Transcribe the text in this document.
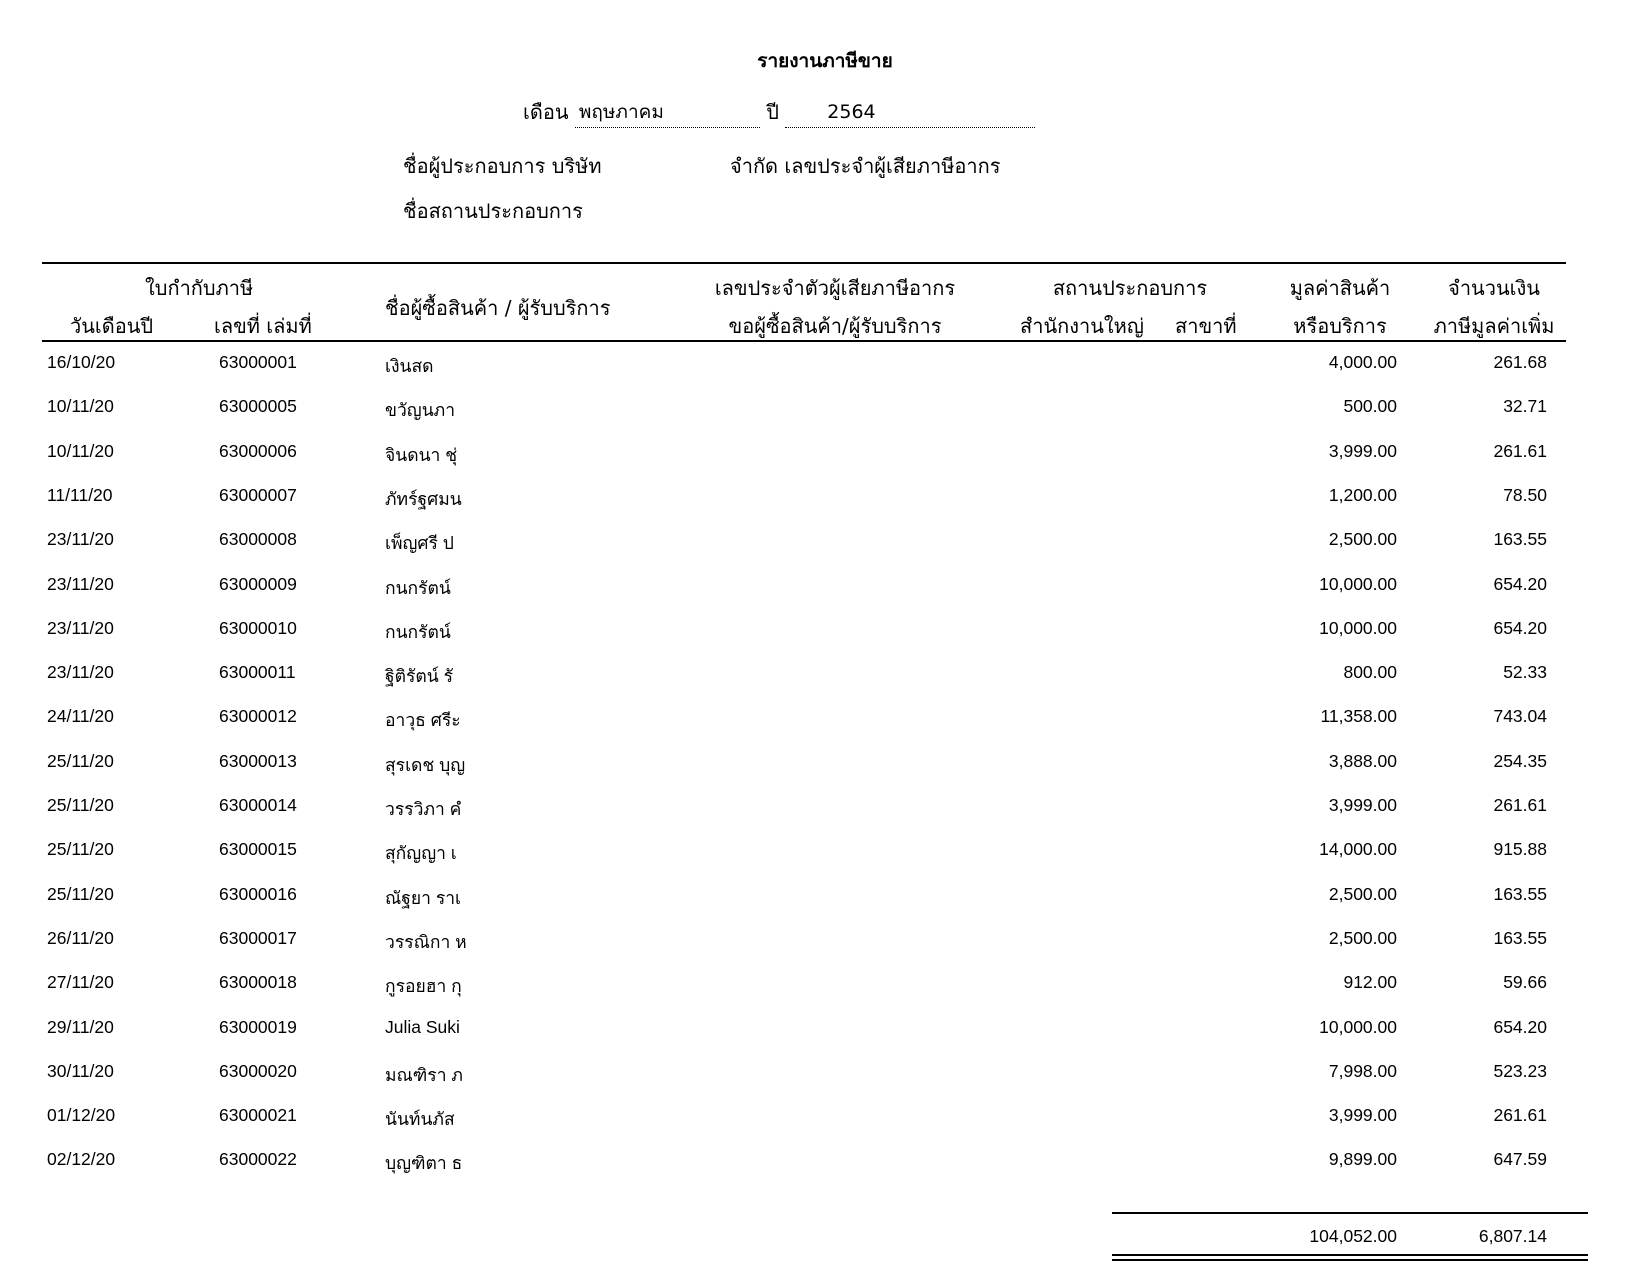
รายงานภาษีขาย
เดือน พฤษภาคม	ปี	2564
ชื่อผู้ประกอบการ บริษัท	จำกัด เลขประจำผู้เสียภาษีอากร
ชื่อสถานประกอบการ
ใบกำกับภาษี
วันเดือนปี	เลขที่ เล่มที่
ชื่อผู้ซื้อสินค้า / ผู้รับบริการ
เลขประจำตัวผู้เสียภาษีอากร
ขอผู้ซื้อสินค้า/ผู้รับบริการ
สถานประกอบการ
สำนักงานใหญ่ สาขาที่
มูลค่าสินค้า
หรือบริการ
จำนวนเงิน
ภาษีมูลค่าเพิ่ม
16/10/20	63000001	เงินสด	4,000.00	261.68
10/11/20	63000005	ขวัญนภา	500.00	32.71
10/11/20	63000006	จินดนา ชุ่	3,999.00	261.61
11/11/20	63000007	ภัทร์ฐศมน	1,200.00	78.50
23/11/20	63000008	เพ็ญศรี ป	2,500.00	163.55
23/11/20	63000009	กนกรัตน์	10,000.00	654.20
23/11/20	63000010	กนกรัตน์	10,000.00	654.20
23/11/20	63000011	ฐิติรัตน์ รั	800.00	52.33
24/11/20	63000012	อาวุธ ศรีะ	11,358.00	743.04
25/11/20	63000013	สุรเดช บุญ	3,888.00	254.35
25/11/20	63000014	วรรวิภา คํ	3,999.00	261.61
25/11/20	63000015	สุกัญญา เ	14,000.00	915.88
25/11/20	63000016	ณัฐยา ราเ	2,500.00	163.55
26/11/20	63000017	วรรณิกา ห	2,500.00	163.55
27/11/20	63000018	กูรอยฮา กุ	912.00	59.66
29/11/20	63000019	Julia Suki	10,000.00	654.20
30/11/20	63000020	มณฑิรา ภ	7,998.00	523.23
01/12/20	63000021	นันท์นภัส	3,999.00	261.61
02/12/20	63000022	บุญฑิตา ธ	9,899.00	647.59
104,052.00	6,807.14
